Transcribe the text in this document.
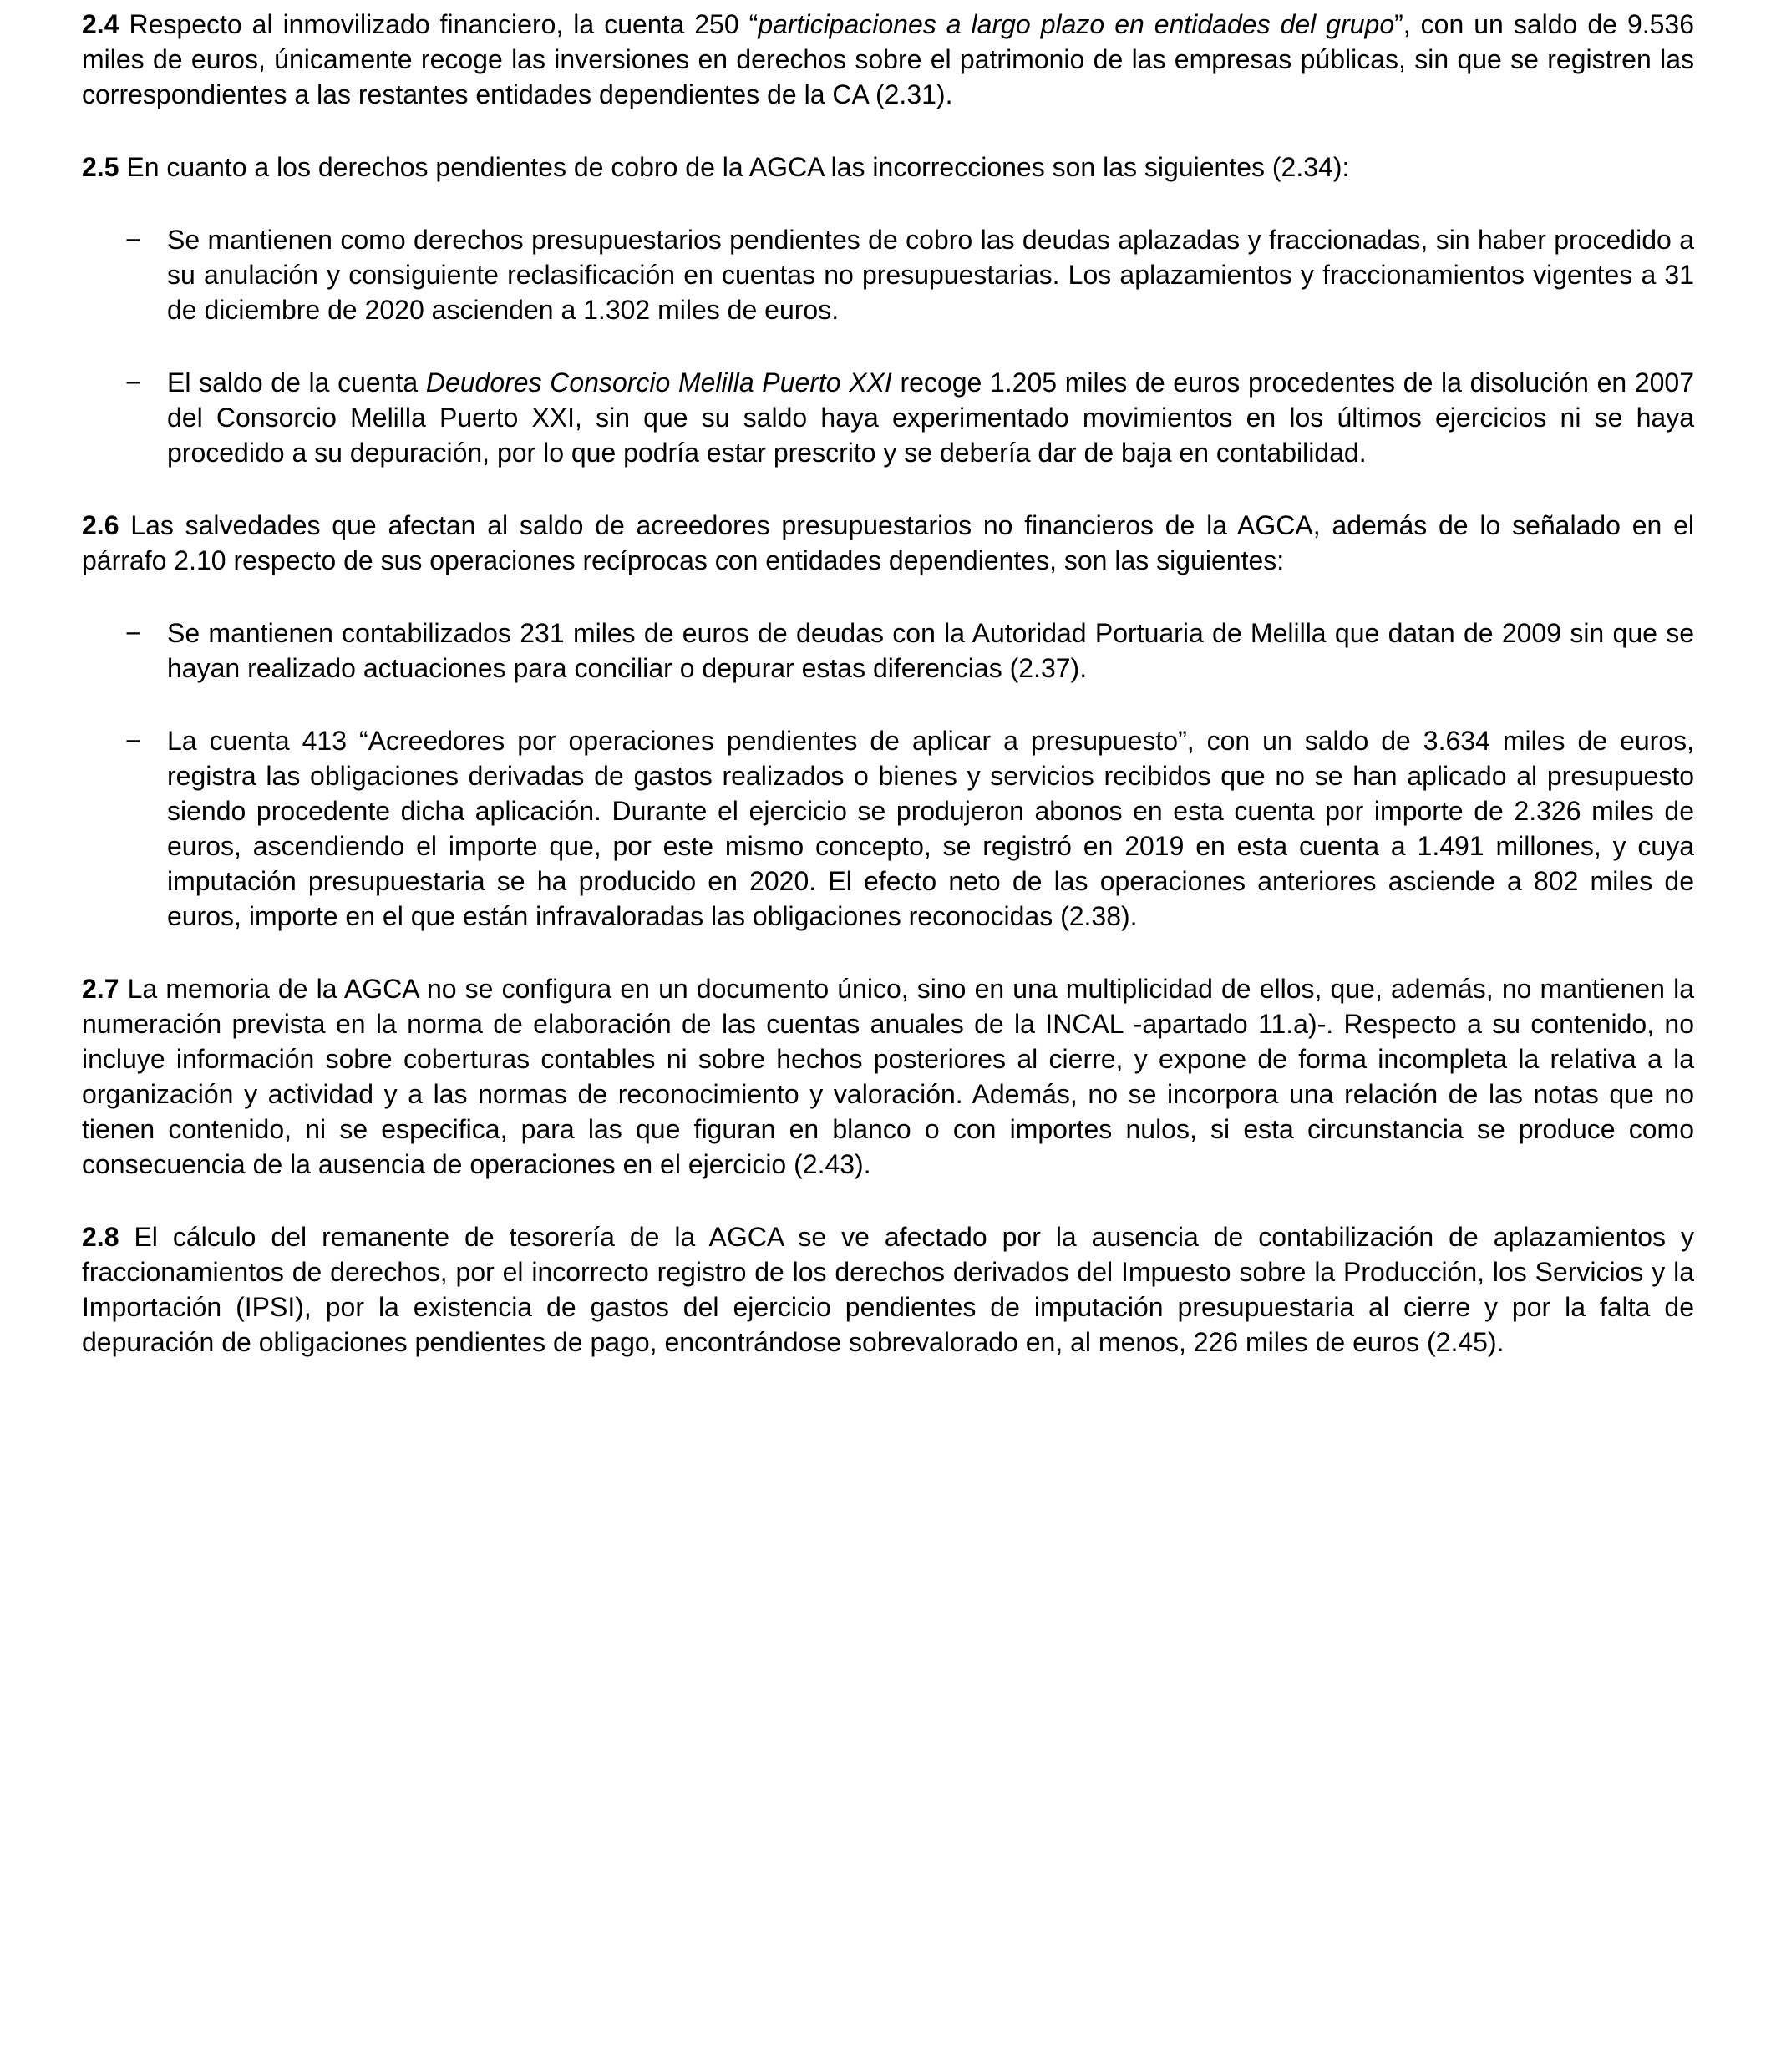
2.4 Respecto al inmovilizado financiero, la cuenta 250 “participaciones a largo plazo en entidades del grupo”, con un saldo de 9.536 miles de euros, únicamente recoge las inversiones en derechos sobre el patrimonio de las empresas públicas, sin que se registren las correspondientes a las restantes entidades dependientes de la CA (2.31).
2.5 En cuanto a los derechos pendientes de cobro de la AGCA las incorrecciones son las siguientes (2.34):
− Se mantienen como derechos presupuestarios pendientes de cobro las deudas aplazadas y fraccionadas, sin haber procedido a su anulación y consiguiente reclasificación en cuentas no presupuestarias. Los aplazamientos y fraccionamientos vigentes a 31 de diciembre de 2020 ascienden a 1.302 miles de euros.
− El saldo de la cuenta Deudores Consorcio Melilla Puerto XXI recoge 1.205 miles de euros procedentes de la disolución en 2007 del Consorcio Melilla Puerto XXI, sin que su saldo haya experimentado movimientos en los últimos ejercicios ni se haya procedido a su depuración, por lo que podría estar prescrito y se debería dar de baja en contabilidad.
2.6 Las salvedades que afectan al saldo de acreedores presupuestarios no financieros de la AGCA, además de lo señalado en el párrafo 2.10 respecto de sus operaciones recíprocas con entidades dependientes, son las siguientes:
− Se mantienen contabilizados 231 miles de euros de deudas con la Autoridad Portuaria de Melilla que datan de 2009 sin que se hayan realizado actuaciones para conciliar o depurar estas diferencias (2.37).
− La cuenta 413 “Acreedores por operaciones pendientes de aplicar a presupuesto”, con un saldo de 3.634 miles de euros, registra las obligaciones derivadas de gastos realizados o bienes y servicios recibidos que no se han aplicado al presupuesto siendo procedente dicha aplicación. Durante el ejercicio se produjeron abonos en esta cuenta por importe de 2.326 miles de euros, ascendiendo el importe que, por este mismo concepto, se registró en 2019 en esta cuenta a 1.491 millones, y cuya imputación presupuestaria se ha producido en 2020. El efecto neto de las operaciones anteriores asciende a 802 miles de euros, importe en el que están infravaloradas las obligaciones reconocidas (2.38).
2.7 La memoria de la AGCA no se configura en un documento único, sino en una multiplicidad de ellos, que, además, no mantienen la numeración prevista en la norma de elaboración de las cuentas anuales de la INCAL -apartado 11.a)-. Respecto a su contenido, no incluye información sobre coberturas contables ni sobre hechos posteriores al cierre, y expone de forma incompleta la relativa a la organización y actividad y a las normas de reconocimiento y valoración. Además, no se incorpora una relación de las notas que no tienen contenido, ni se especifica, para las que figuran en blanco o con importes nulos, si esta circunstancia se produce como consecuencia de la ausencia de operaciones en el ejercicio (2.43).
2.8 El cálculo del remanente de tesorería de la AGCA se ve afectado por la ausencia de contabilización de aplazamientos y fraccionamientos de derechos, por el incorrecto registro de los derechos derivados del Impuesto sobre la Producción, los Servicios y la Importación (IPSI), por la existencia de gastos del ejercicio pendientes de imputación presupuestaria al cierre y por la falta de depuración de obligaciones pendientes de pago, encontrándose sobrevalorado en, al menos, 226 miles de euros (2.45).
